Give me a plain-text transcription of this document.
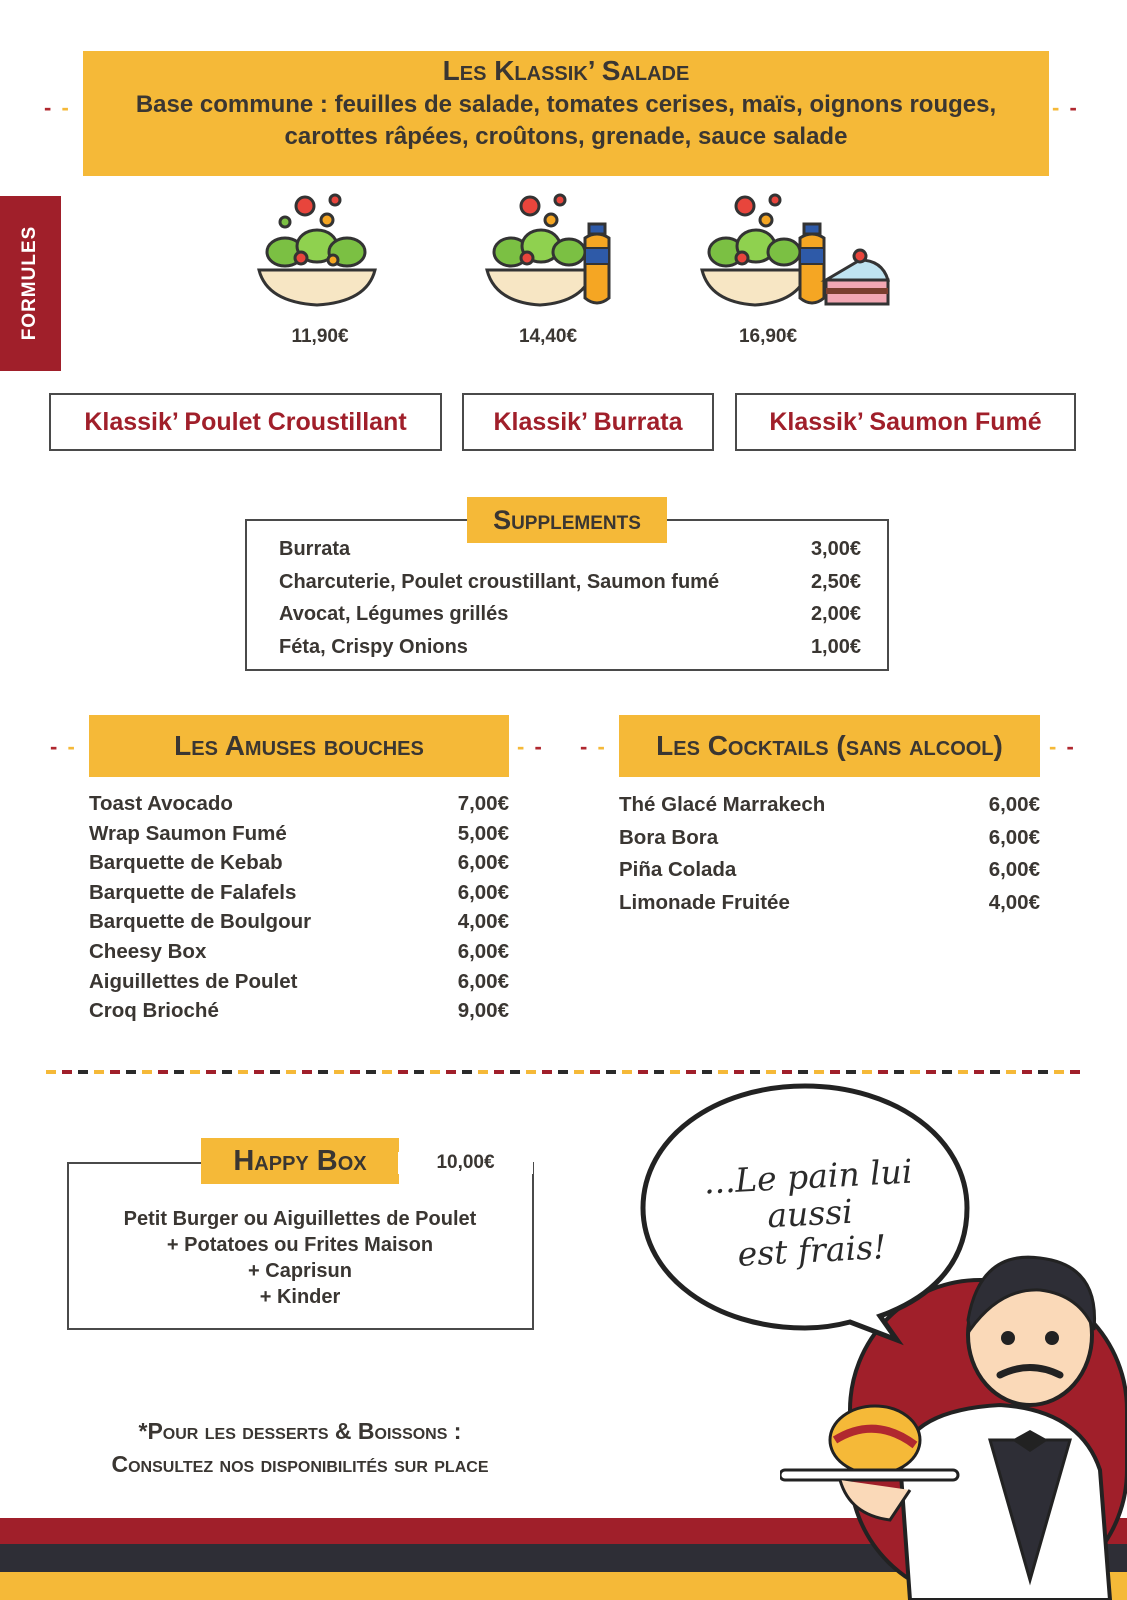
- -	- -
Les Klassik’ Salade
Base commune : feuilles de salade, tomates cerises, maïs, oignons rouges, carottes râpées, croûtons, grenade, sauce salade
FORMULES	11,90€	14,40€	16,90€
Klassik’ Poulet Croustillant	Klassik’ Burrata	Klassik’ Saumon Fumé
Supplements
Burrata	3,00€
Charcuterie, Poulet croustillant, Saumon fumé	2,50€
Avocat, Légumes grillés	2,00€
Féta, Crispy Onions	1,00€
- -	- -
Les Amuses bouches
Toast Avocado	7,00€
Wrap Saumon Fumé	5,00€
Barquette de Kebab	6,00€
Barquette de Falafels	6,00€
Barquette de Boulgour	4,00€
Cheesy Box	6,00€
Aiguillettes de Poulet	6,00€
Croq Brioché	9,00€
- -	- -
Les Cocktails (sans alcool)
Thé Glacé Marrakech	6,00€
Bora Bora	6,00€
Piña Colada	6,00€
Limonade Fruitée	4,00€
Happy Box	10,00€
Petit Burger ou Aiguillettes de Poulet
+ Potatoes ou Frites Maison
+ Caprisun
+ Kinder
*Pour les desserts & Boissons :
Consultez nos disponibilités sur place
...Le pain lui aussi
est frais!
